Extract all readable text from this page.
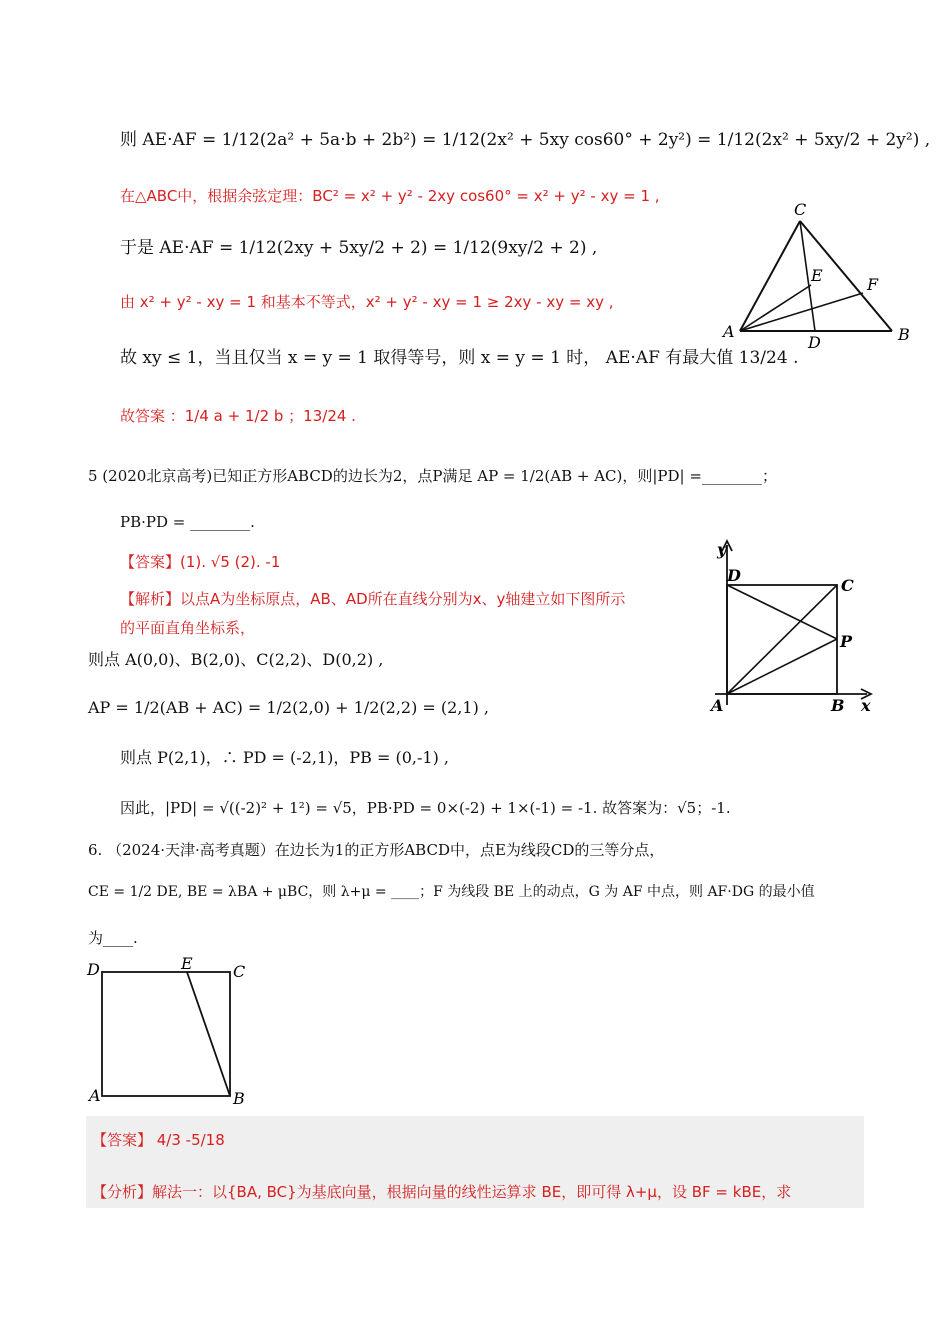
则 AE·AF = 1/12(2a² + 5a·b + 2b²) = 1/12(2x² + 5xy cos60° + 2y²) = 1/12(2x² + 5xy/2 + 2y²) ,
在△ABC中，根据余弦定理：BC² = x² + y² - 2xy cos60° = x² + y² - xy = 1 ,
于是 AE·AF = 1/12(2xy + 5xy/2 + 2) = 1/12(9xy/2 + 2) ,
由 x² + y² - xy = 1 和基本不等式，x² + y² - xy = 1 ≥ 2xy - xy = xy ,
故 xy ≤ 1，当且仅当 x = y = 1 取得等号，则 x = y = 1 时， AE·AF 有最大值 13/24 .
故答案 ：1/4 a + 1/2 b ；13/24 .
5 (2020北京高考)已知正方形ABCD的边长为2，点P满足 AP = 1/2(AB + AC)，则|PD| =________；
PB·PD = ________.
【答案】(1). √5 (2). -1
【解析】以点A为坐标原点，AB、AD所在直线分别为x、y轴建立如下图所示
的平面直角坐标系，
则点 A(0,0)、B(2,0)、C(2,2)、D(0,2) ,
AP = 1/2(AB + AC) = 1/2(2,0) + 1/2(2,2) = (2,1) ,
则点 P(2,1)，∴ PD = (-2,1)，PB = (0,-1) ,
因此，|PD| = √((-2)² + 1²) = √5，PB·PD = 0×(-2) + 1×(-1) = -1. 故答案为：√5；-1.
6. （2024·天津·高考真题）在边长为1的正方形ABCD中，点E为线段CD的三等分点，
CE = 1/2 DE, BE = λBA + μBC，则 λ+μ = ____；F 为线段 BE 上的动点，G 为 AF 中点，则 AF·DG 的最小值
为____.
【答案】 4/3 -5/18
【分析】解法一：以{BA, BC}为基底向量，根据向量的线性运算求 BE，即可得 λ+μ，设 BF = kBE，求
C
A	B
D
E	F
y
D
C
P
A	B x
D	E	C
A	B
